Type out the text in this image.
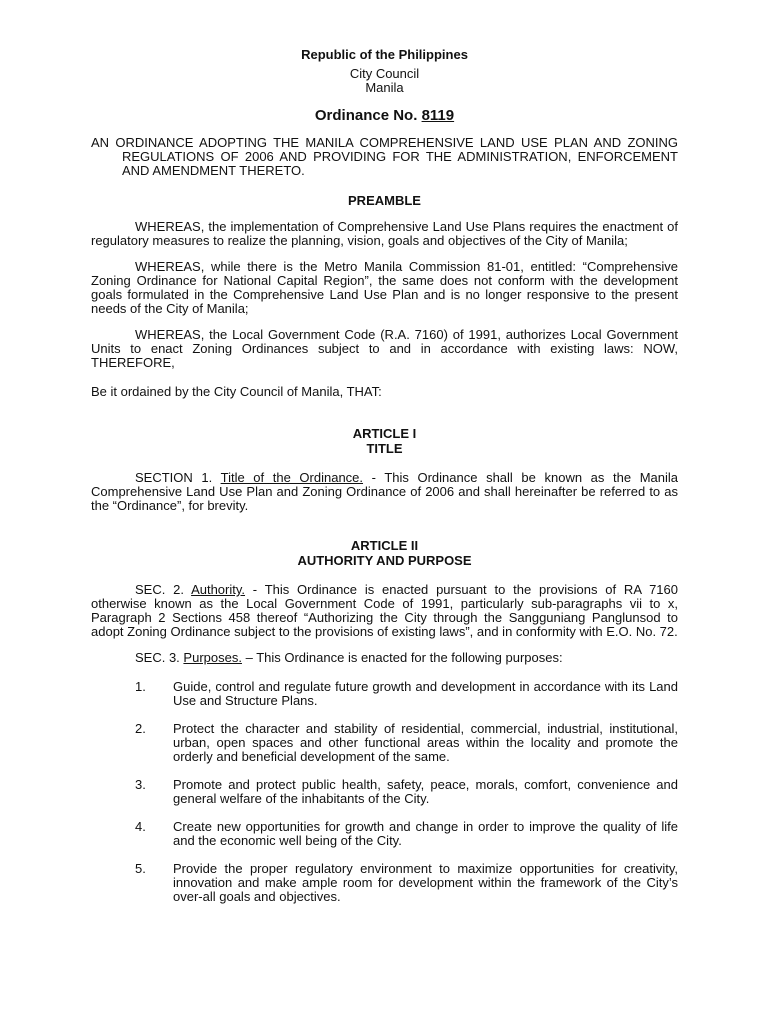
Republic of the Philippines
City Council
Manila
Ordinance No. 8119

AN ORDINANCE ADOPTING THE MANILA COMPREHENSIVE LAND USE PLAN AND ZONING REGULATIONS OF 2006 AND PROVIDING FOR THE ADMINISTRATION, ENFORCEMENT AND AMENDMENT THERETO.

PREAMBLE

WHEREAS, the implementation of Comprehensive Land Use Plans requires the enactment of regulatory measures to realize the planning, vision, goals and objectives of the City of Manila;

WHEREAS, while there is the Metro Manila Commission 81-01, entitled: “Comprehensive Zoning Ordinance for National Capital Region”, the same does not conform with the development goals formulated in the Comprehensive Land Use Plan and is no longer responsive to the present needs of the City of Manila;

WHEREAS, the Local Government Code (R.A. 7160) of 1991, authorizes Local Government Units to enact Zoning Ordinances subject to and in accordance with existing laws: NOW, THEREFORE,

Be it ordained by the City Council of Manila, THAT:

ARTICLE I
TITLE

SECTION 1. Title of the Ordinance. - This Ordinance shall be known as the Manila Comprehensive Land Use Plan and Zoning Ordinance of 2006 and shall hereinafter be referred to as the “Ordinance”, for brevity.

ARTICLE II
AUTHORITY AND PURPOSE

SEC. 2. Authority. - This Ordinance is enacted pursuant to the provisions of RA 7160 otherwise known as the Local Government Code of 1991, particularly sub-paragraphs vii to x, Paragraph 2 Sections 458 thereof “Authorizing the City through the Sangguniang Panglunsod to adopt Zoning Ordinance subject to the provisions of existing laws”, and in conformity with E.O. No. 72.

SEC. 3. Purposes. – This Ordinance is enacted for the following purposes:

1. Guide, control and regulate future growth and development in accordance with its Land Use and Structure Plans.
2. Protect the character and stability of residential, commercial, industrial, institutional, urban, open spaces and other functional areas within the locality and promote the orderly and beneficial development of the same.
3. Promote and protect public health, safety, peace, morals, comfort, convenience and general welfare of the inhabitants of the City.
4. Create new opportunities for growth and change in order to improve the quality of life and the economic well being of the City.
5. Provide the proper regulatory environment to maximize opportunities for creativity, innovation and make ample room for development within the framework of the City’s over-all goals and objectives.
